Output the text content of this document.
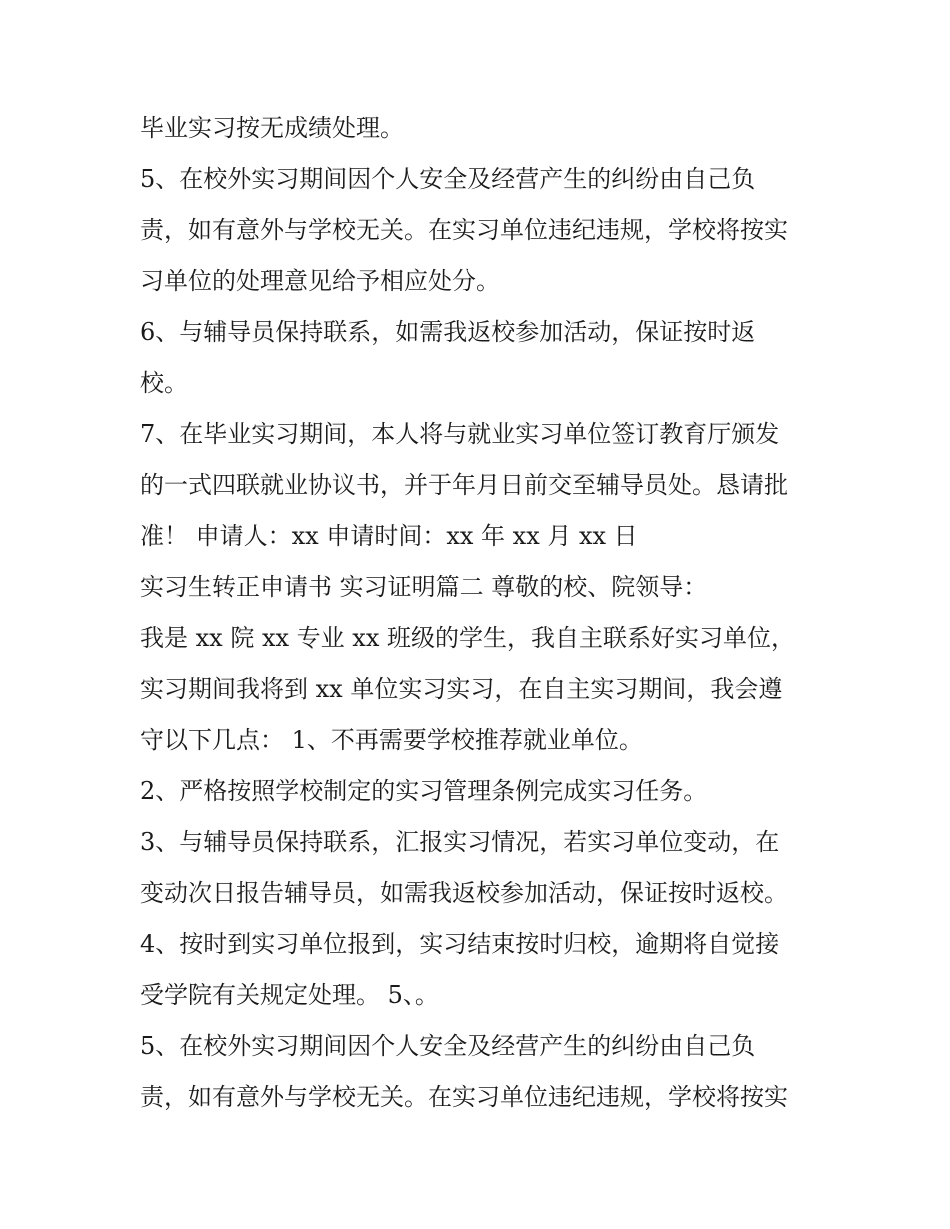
毕业实习按无成绩处理。

5、在校外实习期间因个人安全及经营产生的纠纷由自己负

责，如有意外与学校无关。在实习单位违纪违规，学校将按实

习单位的处理意见给予相应处分。

6、与辅导员保持联系，如需我返校参加活动，保证按时返

校。

7、在毕业实习期间，本人将与就业实习单位签订教育厅颁发

的一式四联就业协议书，并于年月日前交至辅导员处。恳请批

准！ 申请人：xx 申请时间：xx 年 xx 月 xx 日

实习生转正申请书 实习证明篇二 尊敬的校、院领导：

我是 xx 院 xx 专业 xx 班级的学生，我自主联系好实习单位，

实习期间我将到 xx 单位实习实习，在自主实习期间，我会遵

守以下几点： 1、不再需要学校推荐就业单位。

2、严格按照学校制定的实习管理条例完成实习任务。

3、与辅导员保持联系，汇报实习情况，若实习单位变动，在

变动次日报告辅导员，如需我返校参加活动，保证按时返校。

4、按时到实习单位报到，实习结束按时归校，逾期将自觉接

受学院有关规定处理。 5、。

5、在校外实习期间因个人安全及经营产生的纠纷由自己负

责，如有意外与学校无关。在实习单位违纪违规，学校将按实
